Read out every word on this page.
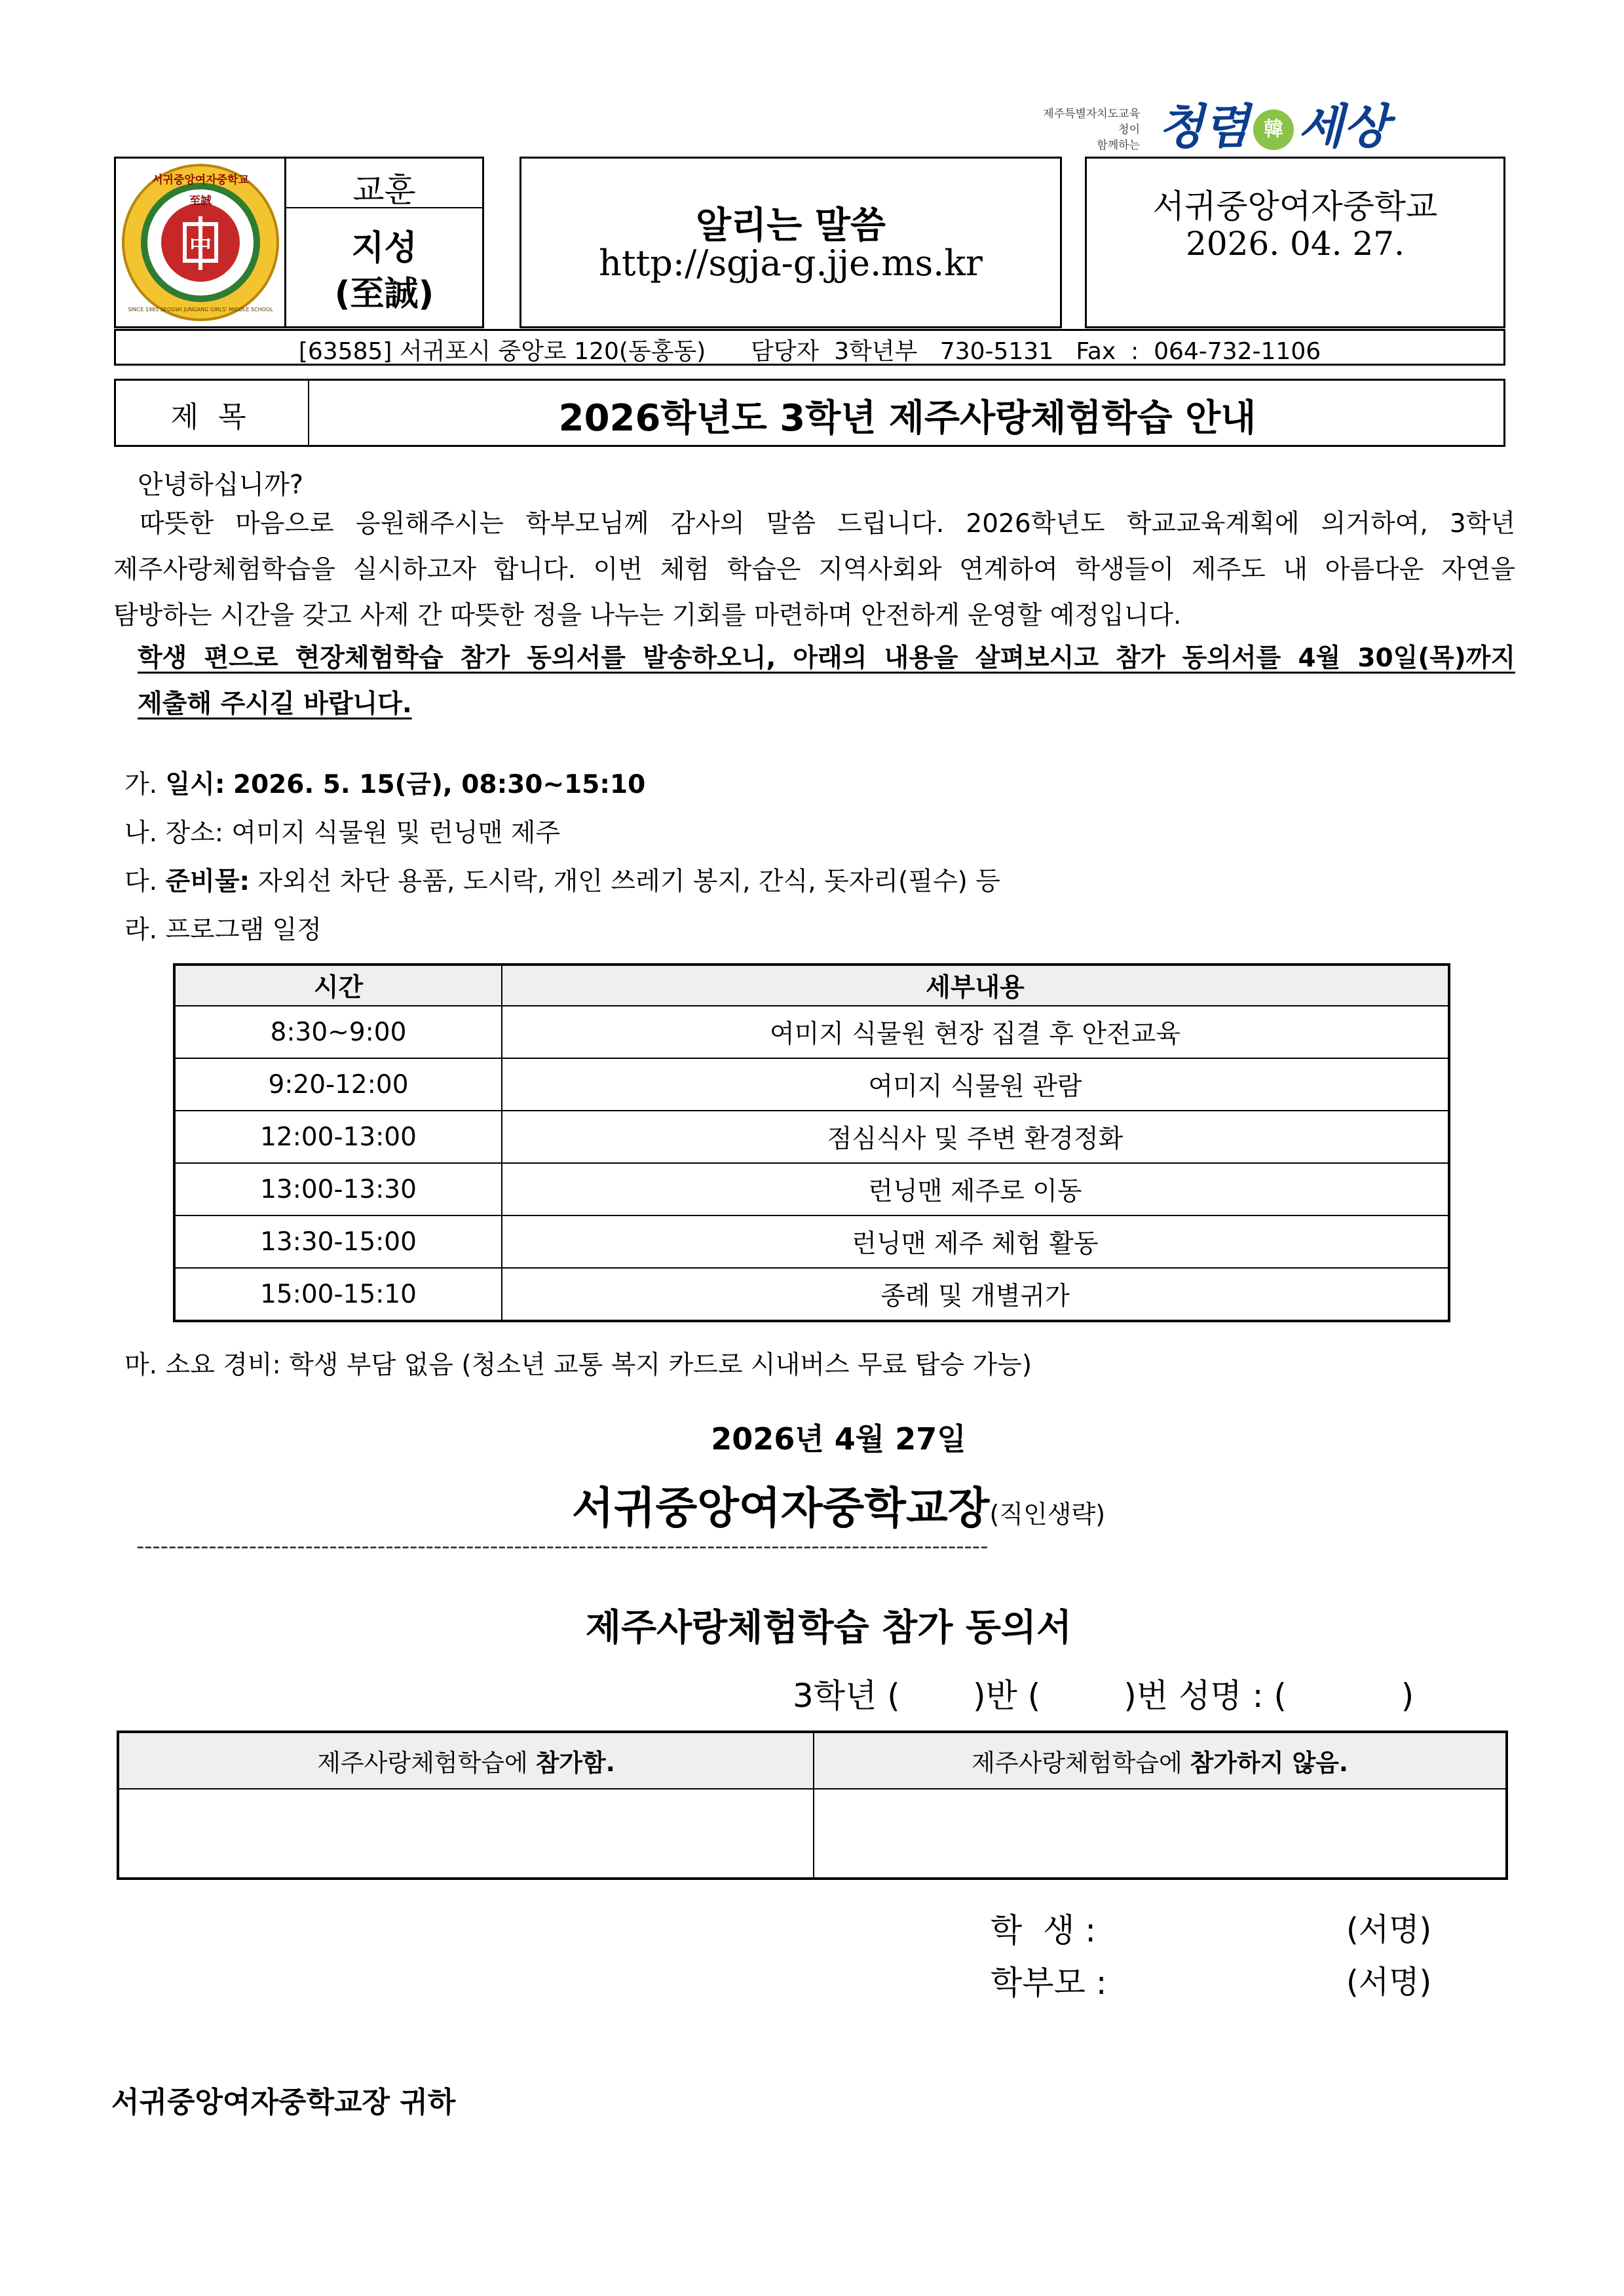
제주특별자치도교육청이
함께하는 청렴 韓 세상
서귀중앙여자중학교
至誠
中
SINCE 1981 SEOGWI JUNGANG GIRLS' MIDDLE SCHOOL
교훈
지성
(至誠)
알리는 말씀
http://sgja-g.jje.ms.kr
서귀중앙여자중학교
2026. 04. 27.
[63585] 서귀포시 중앙로 120(동홍동)      담당자  3학년부   730-5131   Fax  :  064-732-1106
제 목	2026학년도 3학년 제주사랑체험학습 안내
안녕하십니까?

따뜻한 마음으로 응원해주시는 학부모님께 감사의 말씀 드립니다. 2026학년도 학교교육계획에 의거하여, 3학년

제주사랑체험학습을 실시하고자 합니다. 이번 체험 학습은 지역사회와 연계하여 학생들이 제주도 내 아름다운 자연을

탐방하는 시간을 갖고 사제 간 따뜻한 정을 나누는 기회를 마련하며 안전하게 운영할 예정입니다.

학생 편으로 현장체험학습 참가 동의서를 발송하오니, 아래의 내용을 살펴보시고 참가 동의서를 4월 30일(목)까지

제출해 주시길 바랍니다.

가. 일시: 2026. 5. 15(금), 08:30~15:10
나. 장소: 여미지 식물원 및 런닝맨 제주
다. 준비물: 자외선 차단 용품, 도시락, 개인 쓰레기 봉지, 간식, 돗자리(필수) 등
라. 프로그램 일정
시간	세부내용
8:30~9:00	여미지 식물원 현장 집결 후 안전교육
9:20-12:00	여미지 식물원 관람
12:00-13:00	점심식사 및 주변 환경정화
13:00-13:30	런닝맨 제주로 이동
13:30-15:00	런닝맨 제주 체험 활동
15:00-15:10	종례 및 개별귀가
마. 소요 경비: 학생 부담 없음 (청소년 교통 복지 카드로 시내버스 무료 탑승 가능)
2026년 4월 27일
서귀중앙여자중학교장(직인생략)
----------------------------------------------------------------------------------------------------------
제주사랑체험학습 참가 동의서
3학년 (       )반 (        )번 성명 : (           )
제주사랑체험학습에 참가함.	제주사랑체험학습에 참가하지 않음.

학  생 :	(서명)
학부모 :	(서명)
서귀중앙여자중학교장 귀하
